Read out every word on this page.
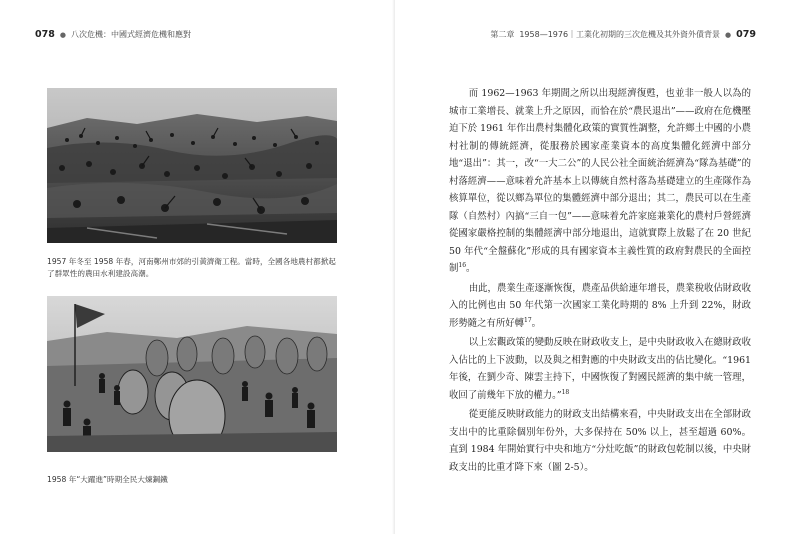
078 ● 八次危機：中國式經濟危機和應對
1957 年冬至 1958 年春，河南鄭州市郊的引黃濟衛工程。當時，全國各地農村都掀起了群眾性的農田水利建設高潮。
1958 年“大躍進”時期全民大煉鋼鐵
第二章 1958—1976｜工業化初期的三次危機及其外資外債背景 ● 079

而 1962—1963 年期間之所以出現經濟復甦，也並非一般人以為的城市工業增長、就業上升之原因，而恰在於“農民退出”——政府在危機壓迫下於 1961 年作出農村集體化政策的實質性調整，允許鄉土中國的小農村社制的傳統經濟，從服務於國家產業資本的高度集體化經濟中部分地“退出”：其一，改“一大二公”的人民公社全面統治經濟為“隊為基礎”的村落經濟——意味着允許基本上以傳統自然村落為基礎建立的生產隊作為核算單位，從以鄉為單位的集體經濟中部分退出；其二，農民可以在生產隊（自然村）內搞“三自一包”——意味着允許家庭兼業化的農村戶營經濟從國家嚴格控制的集體經濟中部分地退出，這就實際上放鬆了在 20 世紀 50 年代“全盤蘇化”形成的具有國家資本主義性質的政府對農民的全面控制$^{16}$。

由此，農業生產逐漸恢復，農產品供給連年增長，農業稅收佔財政收入的比例也由 50 年代第一次國家工業化時期的 8% 上升到 22%，財政形勢隨之有所好轉$^{17}$。

以上宏觀政策的變動反映在財政收支上，是中央財政收入在總財政收入佔比的上下波動，以及與之相對應的中央財政支出的佔比變化。“1961 年後，在劉少奇、陳雲主持下，中國恢復了對國民經濟的集中統一管理，收回了前幾年下放的權力。”$^{18}$

從更能反映財政能力的財政支出結構來看，中央財政支出在全部財政支出中的比重除個別年份外，大多保持在 50% 以上，甚至超過 60%。直到 1984 年開始實行中央和地方“分灶吃飯”的財政包乾制以後，中央財政支出的比重才降下來（圖 2-5）。
